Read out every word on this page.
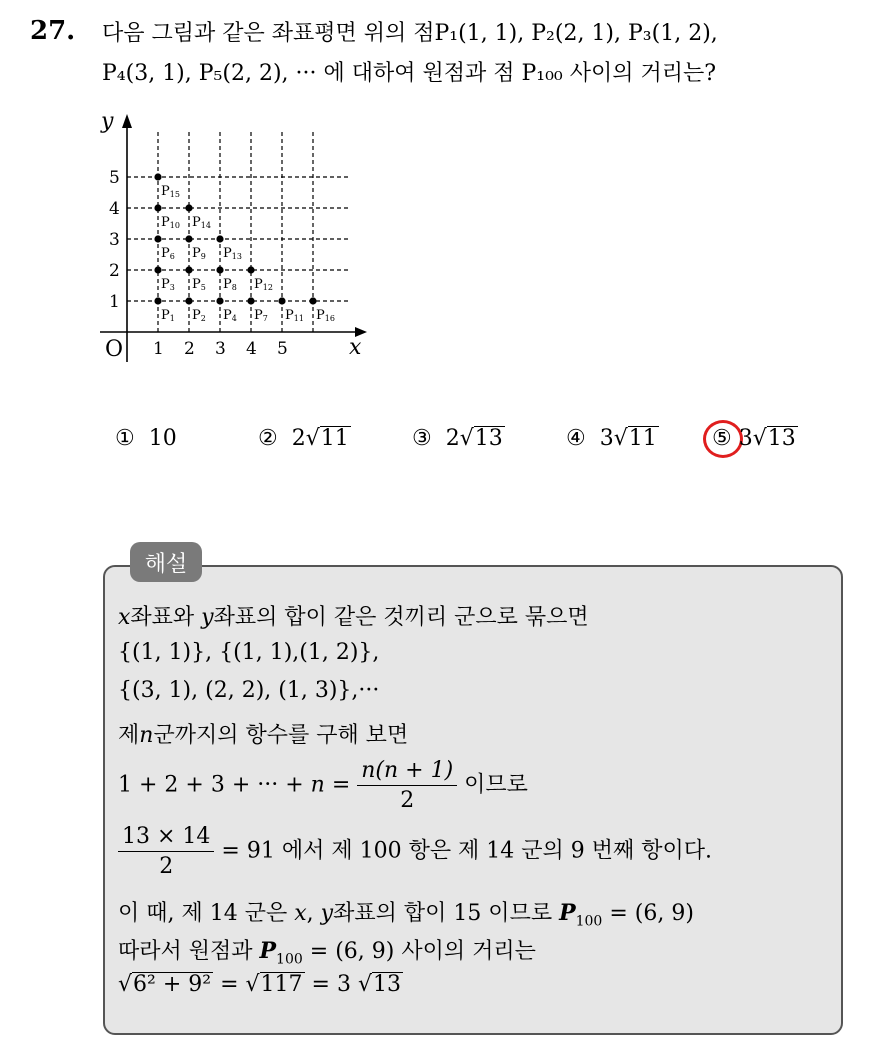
27. 다음 그림과 같은 좌표평면 위의 점P₁(1, 1), P₂(2, 1), P₃(1, 2),
P₄(3, 1), P₅(2, 2), ··· 에 대하여 원점과 점 P₁₀₀ 사이의 거리는?
y
x
O 1 2 3 4 5
1
2
3
4
5
P1 P2
P3
P4
P5
P6
P7
P8
P9
P10
P11
P12
P13
P14
P15
P16
① 10	② 2√11	③ 2√13	④ 3√11	⑤ 3√13
해설
x좌표와 y좌표의 합이 같은 것끼리 군으로 묶으면
{(1, 1)}, {(1, 1),(1, 2)},
{(3, 1), (2, 2), (1, 3)},···
제n군까지의 항수를 구해 보면
1 + 2 + 3 + ··· + $n = \frac{n(n + 1)}{2}$ 이므로
$\frac{13 \times 14}{2} = 91$ 에서 제 100 항은 제 14 군의 9 번째 항이다.
이 때, 제 14 군은 x, y좌표의 합이 15 이므로 $P_{100} = (6$, 9)
따라서 원점과 $P_{100} = (6$, 9) 사이의 거리는
√6² + 9² = √117 = 3 √13
